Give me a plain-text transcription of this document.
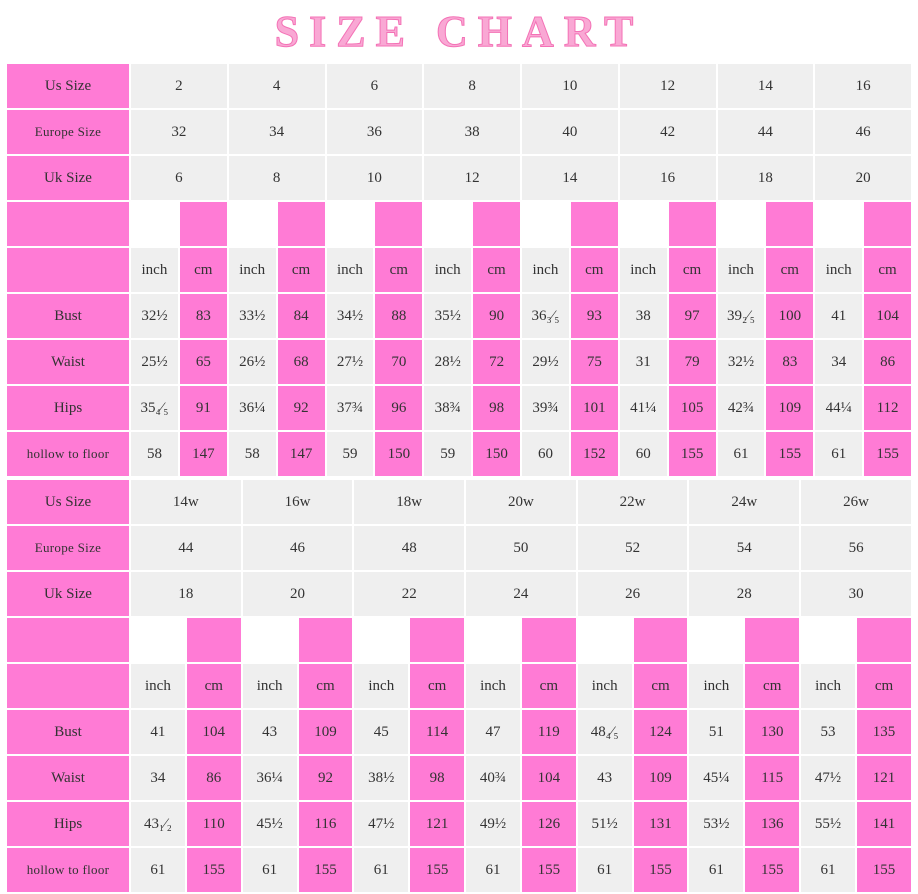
SIZE CHART
Us Size	2		4		6		8		10		12		14		16	
Europe Size	32		34		36		38		40		42		44		46	
Uk Size	6		8		10		12		14		16		18		20	

	inch	cm	inch	cm	inch	cm	inch	cm	inch	cm	inch	cm	inch	cm	inch	cm
Bust	32½	83	33½	84	34½	88	35½	90	36₃⁄₅	93	38	97	39₂⁄₅	100	41	104
Waist	25½	65	26½	68	27½	70	28½	72	29½	75	31	79	32½	83	34	86
Hips	35₄⁄₅	91	36¼	92	37¾	96	38¾	98	39¾	101	41¼	105	42¾	109	44¼	112
hollow to floor	58	147	58	147	59	150	59	150	60	152	60	155	61	155	61	155
Us Size	14w		16w		18w		20w		22w		24w		26w	
Europe Size	44		46		48		50		52		54		56	
Uk Size	18		20		22		24		26		28		30	

	inch	cm	inch	cm	inch	cm	inch	cm	inch	cm	inch	cm	inch	cm
Bust	41	104	43	109	45	114	47	119	48₄⁄₅	124	51	130	53	135
Waist	34	86	36¼	92	38½	98	40¾	104	43	109	45¼	115	47½	121
Hips	43₁⁄₂	110	45½	116	47½	121	49½	126	51½	131	53½	136	55½	141
hollow to floor	61	155	61	155	61	155	61	155	61	155	61	155	61	155
